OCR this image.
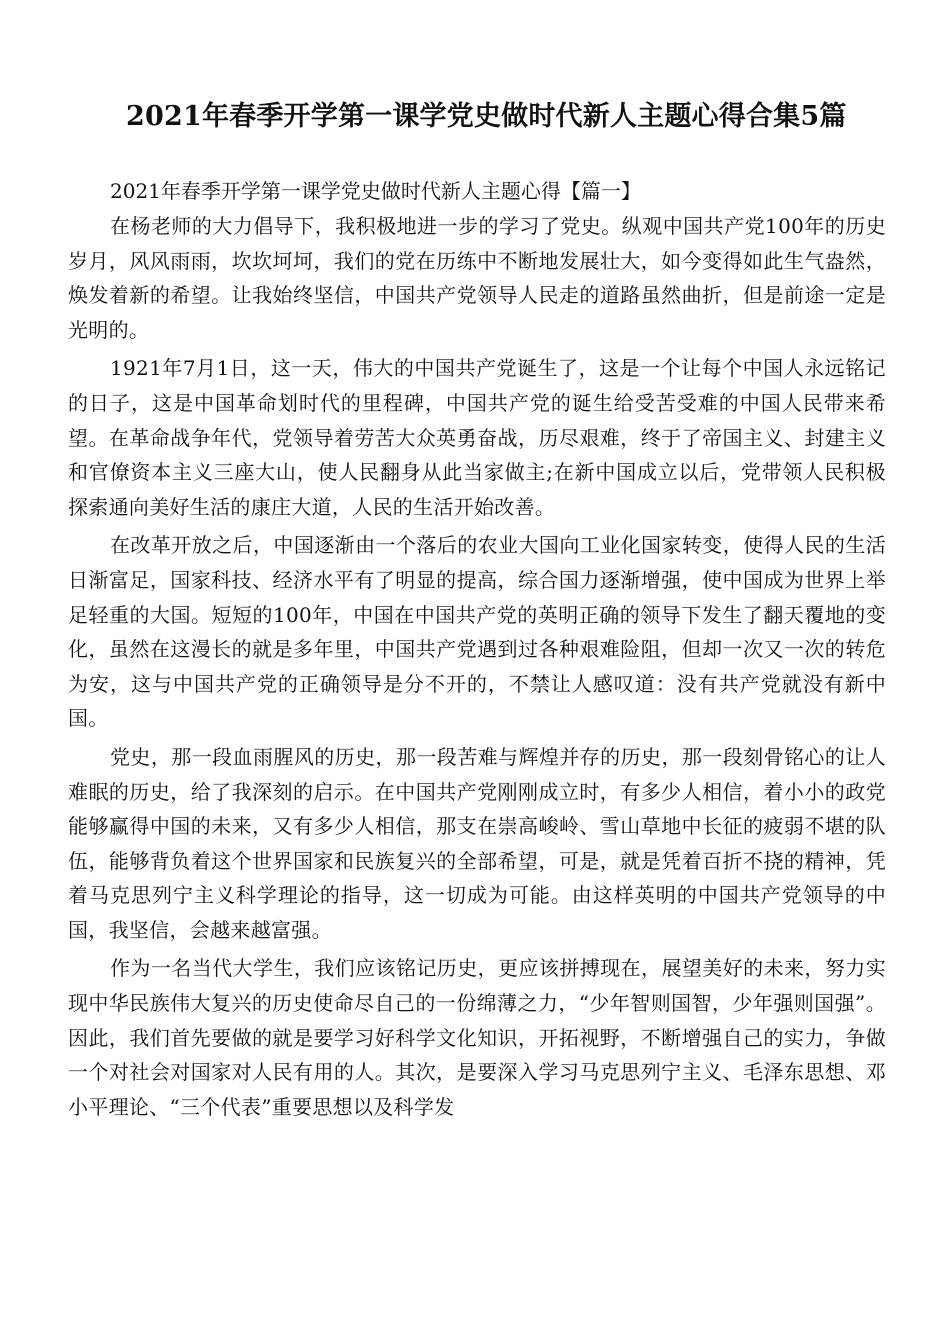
2021年春季开学第一课学党史做时代新人主题心得合集5篇

2021年春季开学第一课学党史做时代新人主题心得【篇一】

在杨老师的大力倡导下，我积极地进一步的学习了党史。纵观中国共产党100年的历史岁月，风风雨雨，坎坎坷坷，我们的党在历练中不断地发展壮大，如今变得如此生气盎然，焕发着新的希望。让我始终坚信，中国共产党领导人民走的道路虽然曲折，但是前途一定是光明的。

1921年7月1日，这一天，伟大的中国共产党诞生了，这是一个让每个中国人永远铭记的日子，这是中国革命划时代的里程碑，中国共产党的诞生给受苦受难的中国人民带来希望。在革命战争年代，党领导着劳苦大众英勇奋战，历尽艰难，终于了帝国主义、封建主义和官僚资本主义三座大山，使人民翻身从此当家做主;在新中国成立以后，党带领人民积极探索通向美好生活的康庄大道，人民的生活开始改善。

在改革开放之后，中国逐渐由一个落后的农业大国向工业化国家转变，使得人民的生活日渐富足，国家科技、经济水平有了明显的提高，综合国力逐渐增强，使中国成为世界上举足轻重的大国。短短的100年，中国在中国共产党的英明正确的领导下发生了翻天覆地的变化，虽然在这漫长的就是多年里，中国共产党遇到过各种艰难险阻，但却一次又一次的转危为安，这与中国共产党的正确领导是分不开的，不禁让人感叹道：没有共产党就没有新中国。

党史，那一段血雨腥风的历史，那一段苦难与辉煌并存的历史，那一段刻骨铭心的让人难眠的历史，给了我深刻的启示。在中国共产党刚刚成立时，有多少人相信，着小小的政党能够赢得中国的未来，又有多少人相信，那支在崇高峻岭、雪山草地中长征的疲弱不堪的队伍，能够背负着这个世界国家和民族复兴的全部希望，可是，就是凭着百折不挠的精神，凭着马克思列宁主义科学理论的指导，这一切成为可能。由这样英明的中国共产党领导的中国，我坚信，会越来越富强。

作为一名当代大学生，我们应该铭记历史，更应该拼搏现在，展望美好的未来，努力实现中华民族伟大复兴的历史使命尽自己的一份绵薄之力，“少年智则国智，少年强则国强”。因此，我们首先要做的就是要学习好科学文化知识，开拓视野，不断增强自己的实力，争做一个对社会对国家对人民有用的人。其次，是要深入学习马克思列宁主义、毛泽东思想、邓小平理论、“三个代表”重要思想以及科学发
